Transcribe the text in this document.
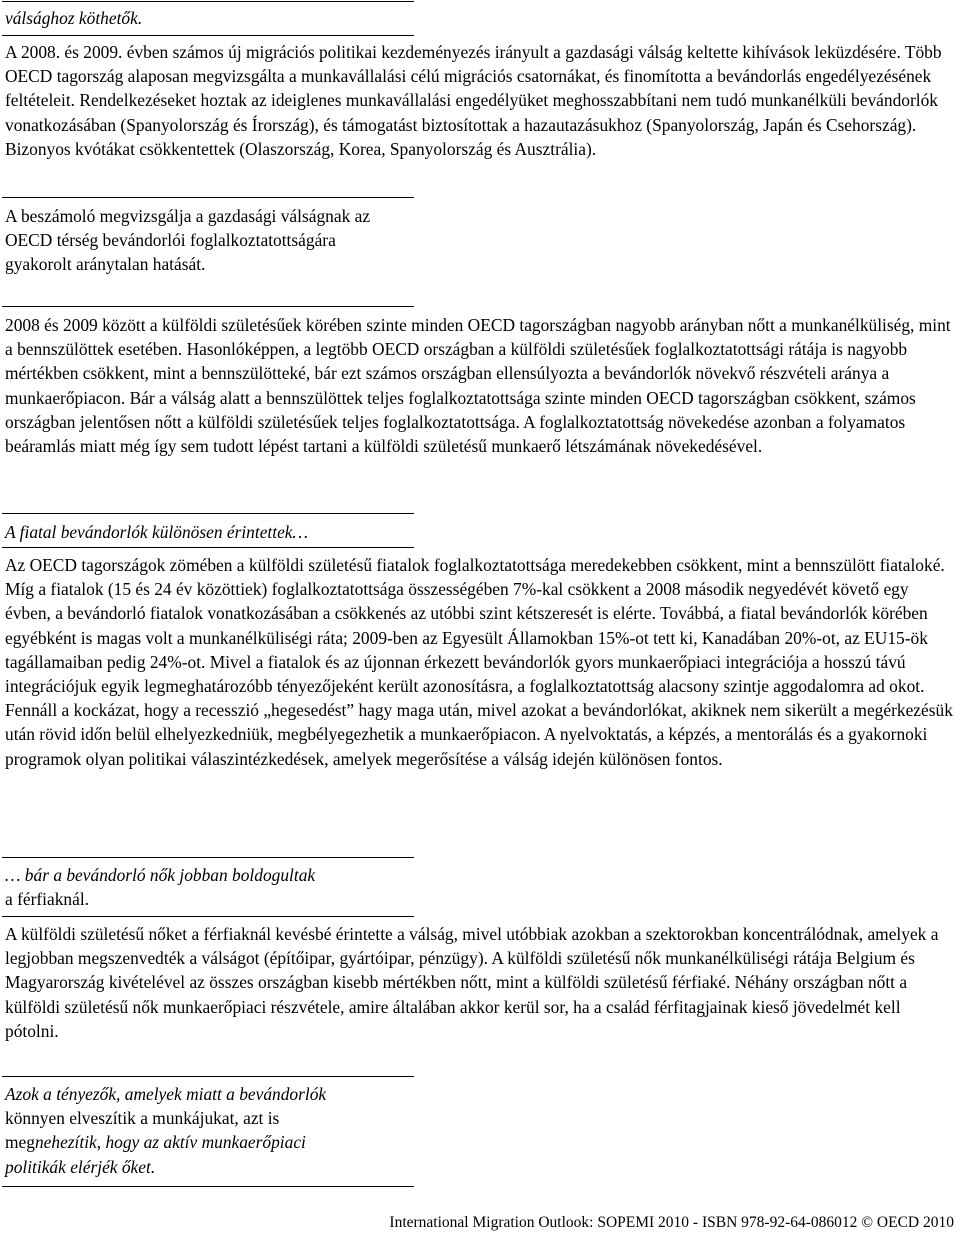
válsághoz köthetők.

A 2008. és 2009. évben számos új migrációs politikai kezdeményezés irányult a gazdasági válság keltette kihívások leküzdésére. Több OECD tagország alaposan megvizsgálta a munkavállalási célú migrációs csatornákat, és finomította a bevándorlás engedélyezésének feltételeit. Rendelkezéseket hoztak az ideiglenes munkavállalási engedélyüket meghosszabbítani nem tudó munkanélküli bevándorlók vonatkozásában (Spanyolország és Írország), és támogatást biztosítottak a hazautazásukhoz (Spanyolország, Japán és Csehország). Bizonyos kvótákat csökkentettek (Olaszország, Korea, Spanyolország és Ausztrália).

A beszámoló megvizsgálja a gazdasági válságnak az OECD térség bevándorlói foglalkoztatottságára gyakorolt aránytalan hatását.

2008 és 2009 között a külföldi születésűek körében szinte minden OECD tagországban nagyobb arányban nőtt a munkanélküliség, mint a bennszülöttek esetében. Hasonlóképpen, a legtöbb OECD országban a külföldi születésűek foglalkoztatottsági rátája is nagyobb mértékben csökkent, mint a bennszülötteké, bár ezt számos országban ellensúlyozta a bevándorlók növekvő részvételi aránya a munkaerőpiacon. Bár a válság alatt a bennszülöttek teljes foglalkoztatottsága szinte minden OECD tagországban csökkent, számos országban jelentősen nőtt a külföldi születésűek teljes foglalkoztatottsága. A foglalkoztatottság növekedése azonban a folyamatos beáramlás miatt még így sem tudott lépést tartani a külföldi születésű munkaerő létszámának növekedésével.

A fiatal bevándorlók különösen érintettek…

Az OECD tagországok zömében a külföldi születésű fiatalok foglalkoztatottsága meredekebben csökkent, mint a bennszülött fiataloké. Míg a fiatalok (15 és 24 év közöttiek) foglalkoztatottsága összességében 7%-kal csökkent a 2008 második negyedévét követő egy évben, a bevándorló fiatalok vonatkozásában a csökkenés az utóbbi szint kétszeresét is elérte. Továbbá, a fiatal bevándorlók körében egyébként is magas volt a munkanélküliségi ráta; 2009-ben az Egyesült Államokban 15%-ot tett ki, Kanadában 20%-ot, az EU15-ök tagállamaiban pedig 24%-ot. Mivel a fiatalok és az újonnan érkezett bevándorlók gyors munkaerőpiaci integrációja a hosszú távú integrációjuk egyik legmeghatározóbb tényezőjeként került azonosításra, a foglalkoztatottság alacsony szintje aggodalomra ad okot. Fennáll a kockázat, hogy a recesszió „hegesedést” hagy maga után, mivel azokat a bevándorlókat, akiknek nem sikerült a megérkezésük után rövid időn belül elhelyezkedniük, megbélyegezhetik a munkaerőpiacon. A nyelvoktatás, a képzés, a mentorálás és a gyakornoki programok olyan politikai válaszintézkedések, amelyek megerősítése a válság idején különösen fontos.

… bár a bevándorló nők jobban boldogultak
a férfiaknál.

A külföldi születésű nőket a férfiaknál kevésbé érintette a válság, mivel utóbbiak azokban a szektorokban koncentrálódnak, amelyek a legjobban megszenvedték a válságot (építőipar, gyártóipar, pénzügy). A külföldi születésű nők munkanélküliségi rátája Belgium és Magyarország kivételével az összes országban kisebb mértékben nőtt, mint a külföldi születésű férfiaké. Néhány országban nőtt a külföldi születésű nők munkaerőpiaci részvétele, amire általában akkor kerül sor, ha a család férfitagjainak kieső jövedelmét kell pótolni.

Azok a tényezők, amelyek miatt a bevándorlók
könnyen elveszítik a munkájukat, azt is
megnehezítik, hogy az aktív munkaerőpiaci
politikák elérjék őket.
International Migration Outlook: SOPEMI 2010 - ISBN 978-92-64-086012 © OECD 2010
